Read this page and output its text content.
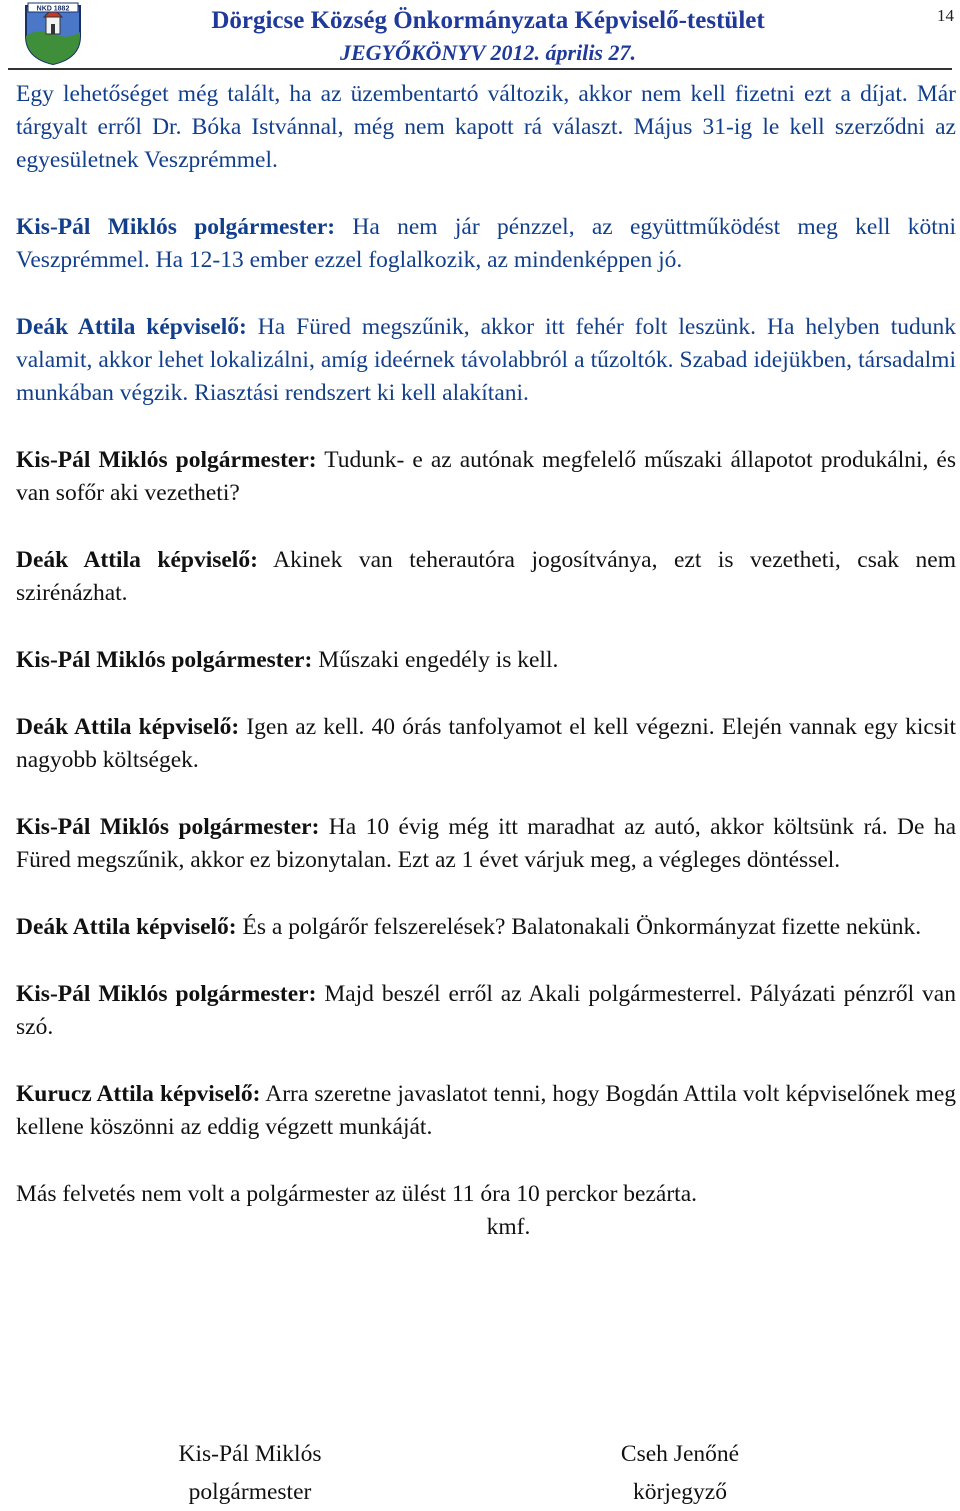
NKD 1882	Dörgicse Község Önkormányzata Képviselő-testület
JEGYŐKÖNYV 2012. április 27.
14

Egy lehetőséget még talált, ha az üzembentartó változik, akkor nem kell fizetni ezt a díjat. Már tárgyalt erről Dr. Bóka Istvánnal, még nem kapott rá választ. Május 31-ig le kell szerződni az egyesületnek Veszprémmel.

Kis-Pál Miklós polgármester: Ha nem jár pénzzel, az együttműködést meg kell kötni Veszprémmel. Ha 12-13 ember ezzel foglalkozik, az mindenképpen jó.

Deák Attila képviselő: Ha Füred megszűnik, akkor itt fehér folt leszünk. Ha helyben tudunk valamit, akkor lehet lokalizálni, amíg ideérnek távolabbról a tűzoltók. Szabad idejükben, társadalmi munkában végzik. Riasztási rendszert ki kell alakítani.

Kis-Pál Miklós polgármester: Tudunk- e az autónak megfelelő műszaki állapotot produkálni, és van sofőr aki vezetheti?

Deák Attila képviselő: Akinek van teherautóra jogosítványa, ezt is vezetheti, csak nem szirénázhat.

Kis-Pál Miklós polgármester: Műszaki engedély is kell.

Deák Attila képviselő: Igen az kell. 40 órás tanfolyamot el kell végezni. Elején vannak egy kicsit nagyobb költségek.

Kis-Pál Miklós polgármester: Ha 10 évig még itt maradhat az autó, akkor költsünk rá. De ha Füred megszűnik, akkor ez bizonytalan. Ezt az 1 évet várjuk meg, a végleges döntéssel.

Deák Attila képviselő: És a polgárőr felszerelések? Balatonakali Önkormányzat fizette nekünk.

Kis-Pál Miklós polgármester: Majd beszél erről az Akali polgármesterrel. Pályázati pénzről van szó.

Kurucz Attila képviselő: Arra szeretne javaslatot tenni, hogy Bogdán Attila volt képviselőnek meg kellene köszönni az eddig végzett munkáját.

Más felvetés nem volt a polgármester az ülést 11 óra 10 perckor bezárta.

kmf.
Kis-Pál Miklós
polgármester
Cseh Jenőné
körjegyző
